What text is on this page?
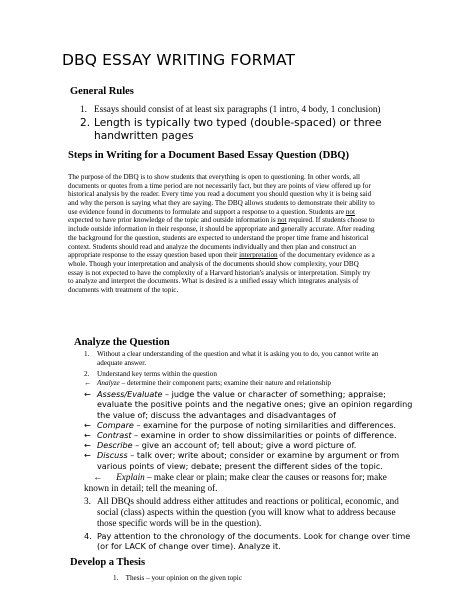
DBQ ESSAY WRITING FORMAT
General Rules
1. Essays should consist of at least six paragraphs (1 intro, 4 body, 1 conclusion)
2. Length is typically two typed (double-spaced) or three
handwritten pages
Steps in Writing for a Document Based Essay Question (DBQ)
The purpose of the DBQ is to show students that everything is open to questioning. In other words, all
documents or quotes from a time period are not necessarily fact, but they are points of view offered up for
historical analysis by the reader. Every time you read a document you should question why it is being said
and why the person is saying what they are saying. The DBQ allows students to demonstrate their ability to
use evidence found in documents to formulate and support a response to a question. Students are not
expected to have prior knowledge of the topic and outside information is not required. If students choose to
include outside information in their response, it should be appropriate and generally accurate. After reading
the background for the question, students are expected to understand the proper time frame and historical
context. Students should read and analyze the documents individually and then plan and construct an
appropriate response to the essay question based upon their interpretation of the documentary evidence as a
whole. Though your interpretation and analysis of the documents should show complexity, your DBQ
essay is not expected to have the complexity of a Harvard historian's analysis or interpretation. Simply try
to analyze and interpret the documents. What is desired is a unified essay which integrates analysis of
documents with treatment of the topic.
Analyze the Question
1.	Without a clear understanding of the question and what it is asking you to do, you cannot write an
adequate answer.
2.	Understand key terms within the question
← Analyze – determine their component parts; examine their nature and relationship
← Assess/Evaluate – judge the value or character of something; appraise;
evaluate the positive points and the negative ones; give an opinion regarding
the value of; discuss the advantages and disadvantages of
← Compare – examine for the purpose of noting similarities and differences.
← Contrast – examine in order to show dissimilarities or points of difference.
← Describe – give an account of; tell about; give a word picture of.
← Discuss – talk over; write about; consider or examine by argument or from
various points of view; debate; present the different sides of the topic.
←      Explain – make clear or plain; make clear the causes or reasons for; make
known in detail; tell the meaning of.
3. All DBQs should address either attitudes and reactions or political, economic, and
social (class) aspects within the question (you will know what to address because
those specific words will be in the question).
4. Pay attention to the chronology of the documents. Look for change over time
(or for LACK of change over time). Analyze it.
Develop a Thesis
1.    Thesis – your opinion on the given topic
